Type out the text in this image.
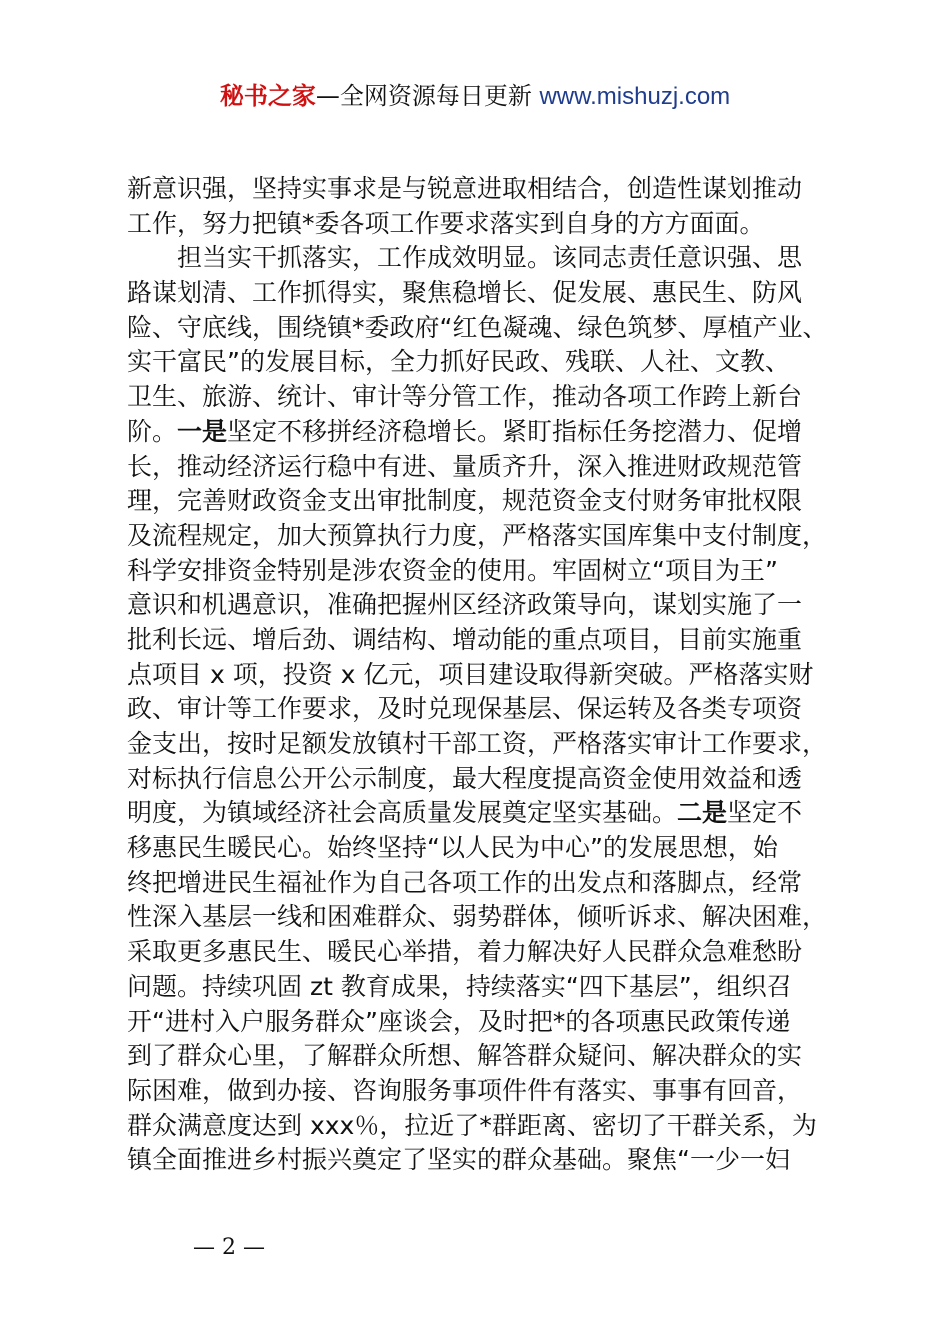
秘书之家—全网资源每日更新 www.mishuzj.com
新意识强，坚持实事求是与锐意进取相结合，创造性谋划推动
工作，努力把镇*委各项工作要求落实到自身的方方面面。
担当实干抓落实，工作成效明显。该同志责任意识强、思
路谋划清、工作抓得实，聚焦稳增长、促发展、惠民生、防风
险、守底线，围绕镇*委政府“红色凝魂、绿色筑梦、厚植产业、
实干富民”的发展目标，全力抓好民政、残联、人社、文教、
卫生、旅游、统计、审计等分管工作，推动各项工作跨上新台
阶。一是坚定不移拼经济稳增长。紧盯指标任务挖潜力、促增
长，推动经济运行稳中有进、量质齐升，深入推进财政规范管
理，完善财政资金支出审批制度，规范资金支付财务审批权限
及流程规定，加大预算执行力度，严格落实国库集中支付制度，
科学安排资金特别是涉农资金的使用。牢固树立“项目为王”
意识和机遇意识，准确把握州区经济政策导向，谋划实施了一
批利长远、增后劲、调结构、增动能的重点项目，目前实施重
点项目 x 项，投资 x 亿元，项目建设取得新突破。严格落实财
政、审计等工作要求，及时兑现保基层、保运转及各类专项资
金支出，按时足额发放镇村干部工资，严格落实审计工作要求，
对标执行信息公开公示制度，最大程度提高资金使用效益和透
明度，为镇域经济社会高质量发展奠定坚实基础。二是坚定不
移惠民生暖民心。始终坚持“以人民为中心”的发展思想，始
终把增进民生福祉作为自己各项工作的出发点和落脚点，经常
性深入基层一线和困难群众、弱势群体，倾听诉求、解决困难，
采取更多惠民生、暖民心举措，着力解决好人民群众急难愁盼
问题。持续巩固 zt 教育成果，持续落实“四下基层”，组织召
开“进村入户服务群众”座谈会，及时把*的各项惠民政策传递
到了群众心里，了解群众所想、解答群众疑问、解决群众的实
际困难，做到办接、咨询服务事项件件有落实、事事有回音，
群众满意度达到 xxx％，拉近了*群距离、密切了干群关系，为
镇全面推进乡村振兴奠定了坚实的群众基础。聚焦“一少一妇
— 2 —
